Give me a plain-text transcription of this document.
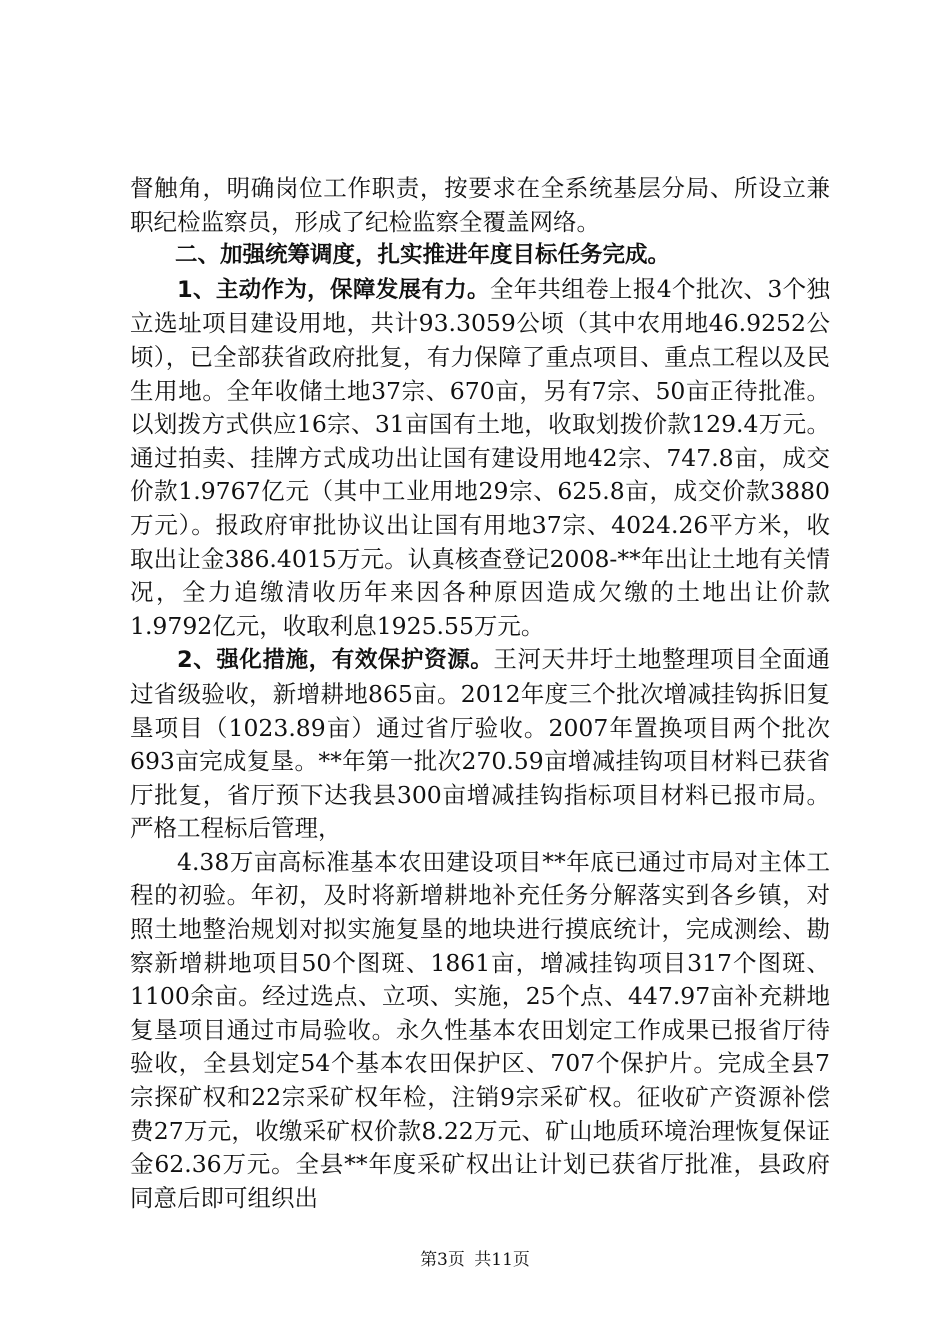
督触角，明确岗位工作职责，按要求在全系统基层分局、所设立兼职纪检监察员，形成了纪检监察全覆盖网络。

二、加强统筹调度，扎实推进年度目标任务完成。

1、主动作为，保障发展有力。全年共组卷上报4个批次、3个独立选址项目建设用地，共计93.3059公顷（其中农用地46.9252公顷），已全部获省政府批复，有力保障了重点项目、重点工程以及民生用地。全年收储土地37宗、670亩，另有7宗、50亩正待批准。以划拨方式供应16宗、31亩国有土地，收取划拨价款129.4万元。通过拍卖、挂牌方式成功出让国有建设用地42宗、747.8亩，成交价款1.9767亿元（其中工业用地29宗、625.8亩，成交价款3880万元）。报政府审批协议出让国有用地37宗、4024.26平方米，收取出让金386.4015万元。认真核查登记2008-**年出让土地有关情况，全力追缴清收历年来因各种原因造成欠缴的土地出让价款1.9792亿元，收取利息1925.55万元。

2、强化措施，有效保护资源。王河天井圩土地整理项目全面通过省级验收，新增耕地865亩。2012年度三个批次增减挂钩拆旧复垦项目（1023.89亩）通过省厅验收。2007年置换项目两个批次693亩完成复垦。**年第一批次270.59亩增减挂钩项目材料已获省厅批复，省厅预下达我县300亩增减挂钩指标项目材料已报市局。严格工程标后管理，

4.38万亩高标准基本农田建设项目**年底已通过市局对主体工程的初验。年初，及时将新增耕地补充任务分解落实到各乡镇，对照土地整治规划对拟实施复垦的地块进行摸底统计，完成测绘、勘察新增耕地项目50个图斑、1861亩，增减挂钩项目317个图斑、1100余亩。经过选点、立项、实施，25个点、447.97亩补充耕地复垦项目通过市局验收。永久性基本农田划定工作成果已报省厅待验收，全县划定54个基本农田保护区、707个保护片。完成全县7宗探矿权和22宗采矿权年检，注销9宗采矿权。征收矿产资源补偿费27万元，收缴采矿权价款8.22万元、矿山地质环境治理恢复保证金62.36万元。全县**年度采矿权出让计划已获省厅批准，县政府同意后即可组织出

第3页 共11页
